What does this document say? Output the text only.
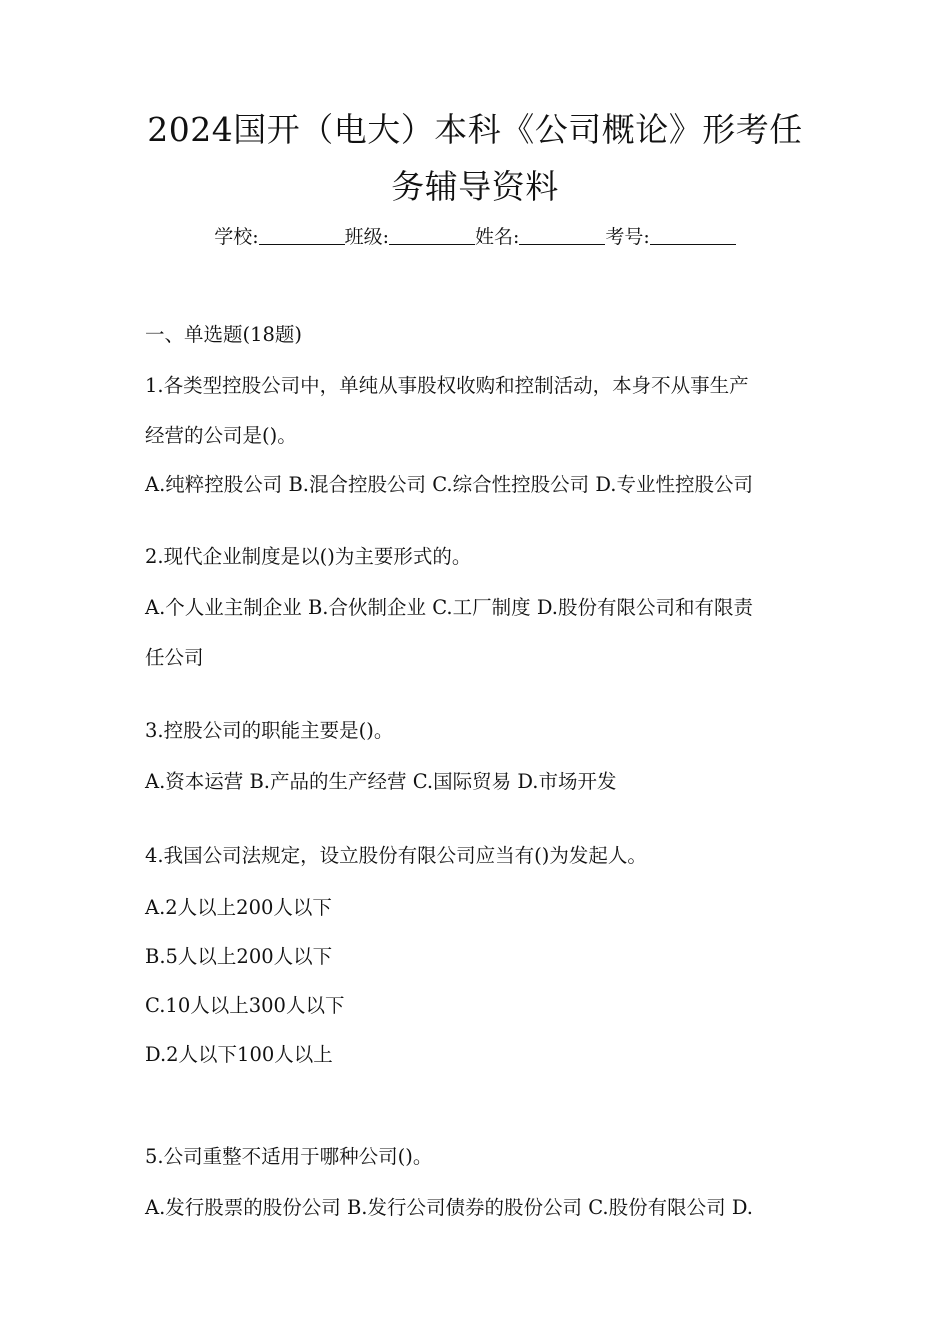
2024国开（电大）本科《公司概论》形考任
务辅导资料
学校:	班级:	姓名:	考号:
一、单选题(18题)
1.各类型控股公司中，单纯从事股权收购和控制活动，本身不从事生产
经营的公司是()。
A.纯粹控股公司 B.混合控股公司 C.综合性控股公司 D.专业性控股公司
2.现代企业制度是以()为主要形式的。
A.个人业主制企业 B.合伙制企业 C.工厂制度 D.股份有限公司和有限责
任公司
3.控股公司的职能主要是()。
A.资本运营 B.产品的生产经营 C.国际贸易 D.市场开发
4.我国公司法规定，设立股份有限公司应当有()为发起人。
A.2人以上200人以下
B.5人以上200人以下
C.10人以上300人以下
D.2人以下100人以上
5.公司重整不适用于哪种公司()。
A.发行股票的股份公司 B.发行公司债券的股份公司 C.股份有限公司 D.
